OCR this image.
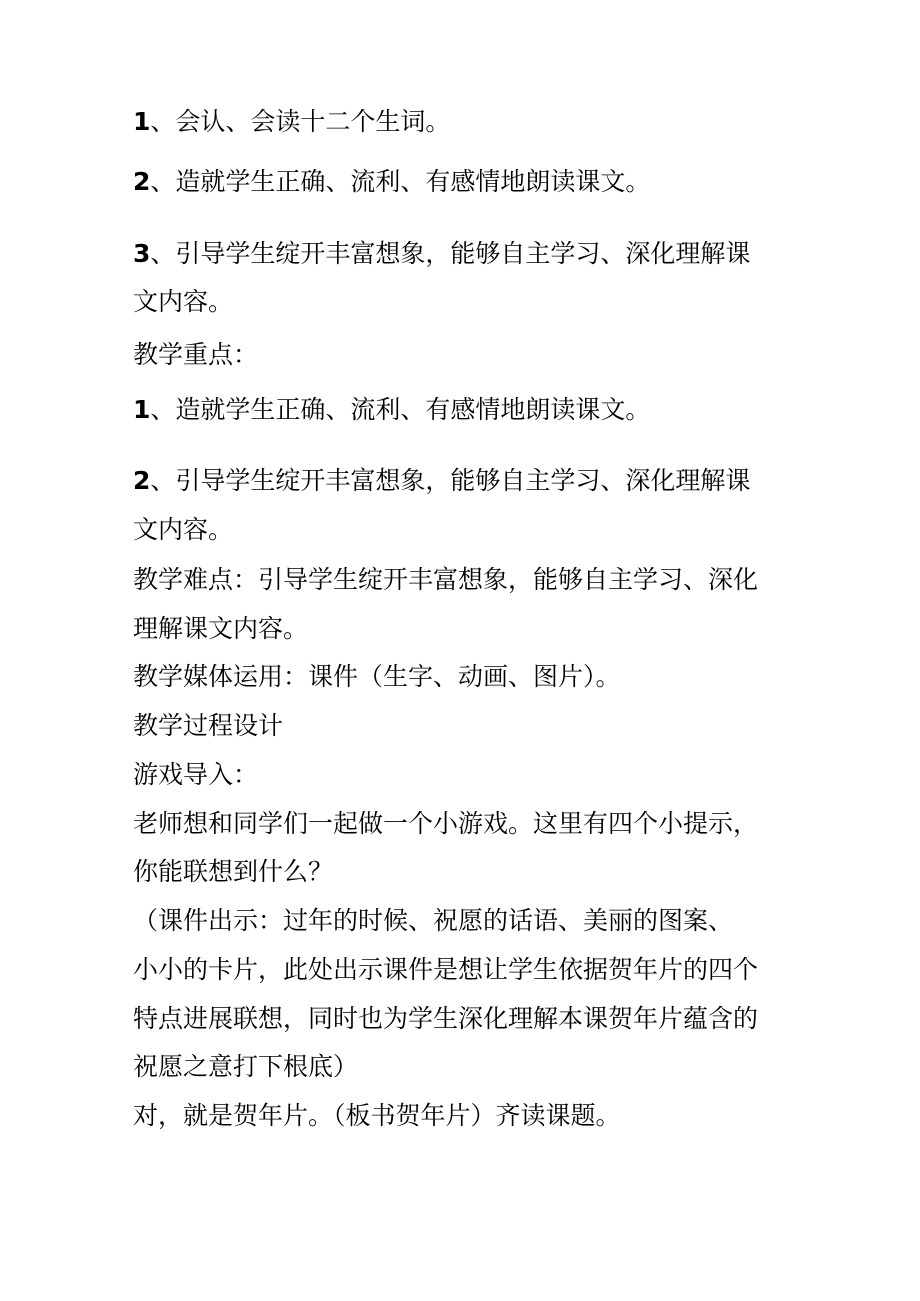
1、会认、会读十二个生词。
2、造就学生正确、流利、有感情地朗读课文。
3、引导学生绽开丰富想象，能够自主学习、深化理解课
文内容。
教学重点：
1、造就学生正确、流利、有感情地朗读课文。
2、引导学生绽开丰富想象，能够自主学习、深化理解课
文内容。
教学难点：引导学生绽开丰富想象，能够自主学习、深化
理解课文内容。
教学媒体运用：课件（生字、动画、图片）。
教学过程设计
游戏导入：
老师想和同学们一起做一个小游戏。这里有四个小提示，
你能联想到什么？
（课件出示：过年的时候、祝愿的话语、美丽的图案、
小小的卡片，此处出示课件是想让学生依据贺年片的四个
特点进展联想，同时也为学生深化理解本课贺年片蕴含的
祝愿之意打下根底）
对，就是贺年片。（板书贺年片）齐读课题。
